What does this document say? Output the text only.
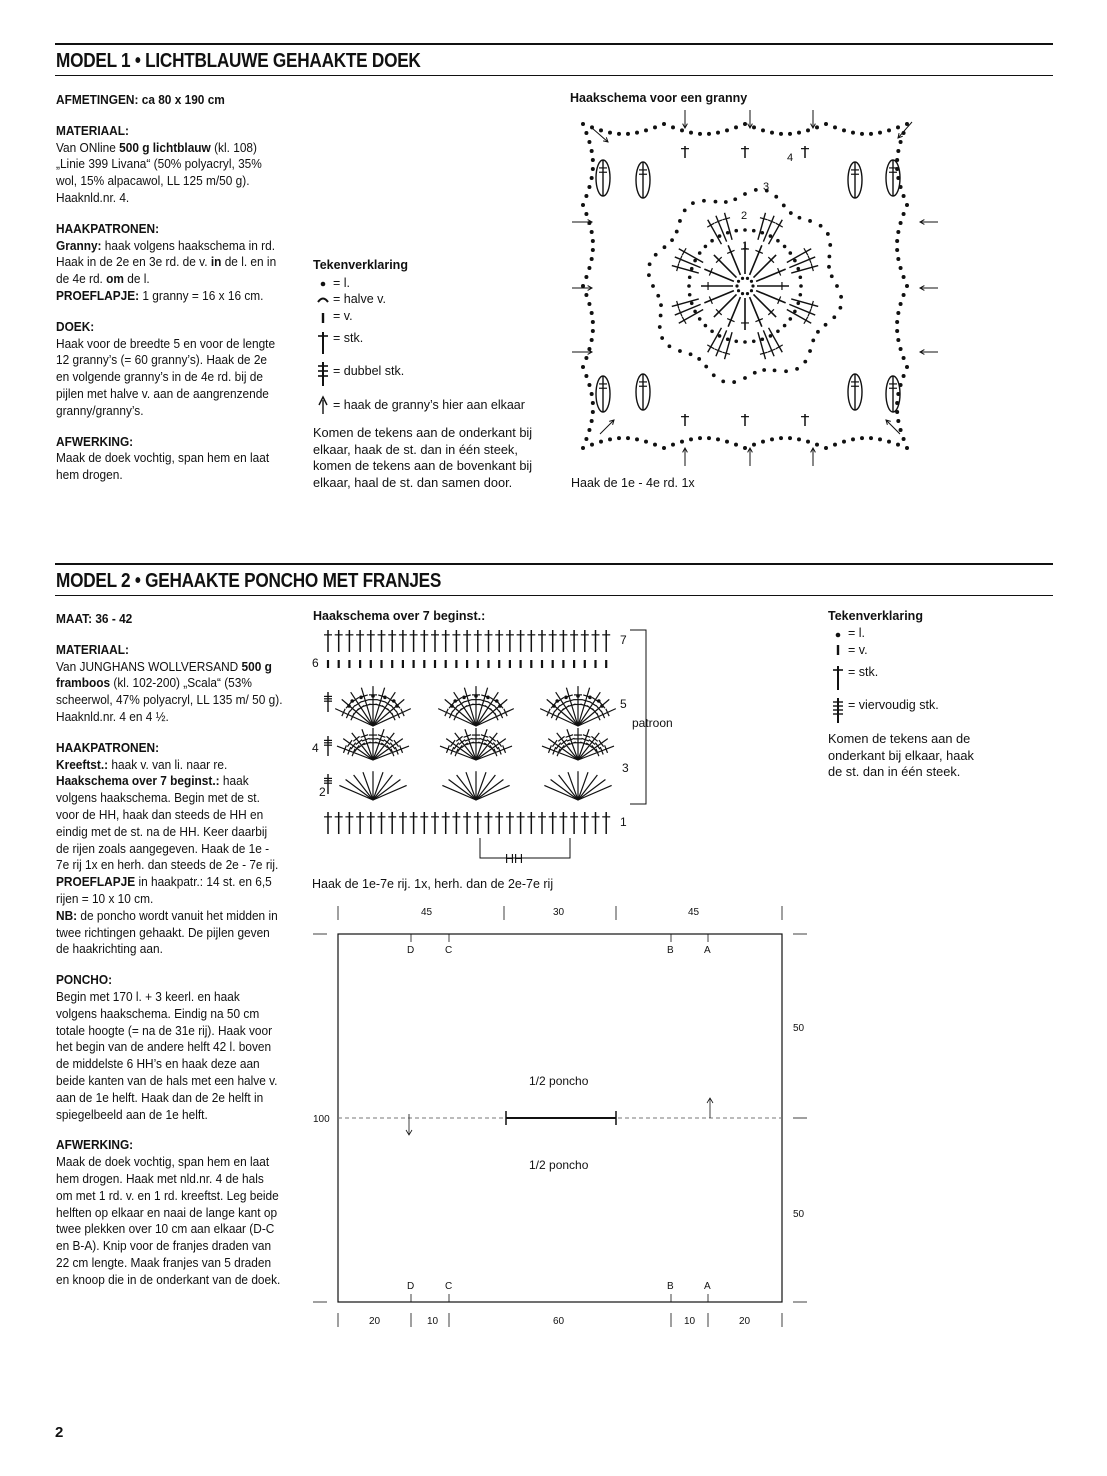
MODEL 1 • LICHTBLAUWE GEHAAKTE DOEK

AFMETINGEN: ca 80 x 190 cm

MATERIAAL:

Van ONline 500 g lichtblauw (kl. 108) „Linie 399 Livana“ (50% polyacryl, 35% wol, 15% alpacawol, LL 125 m/50 g). Haaknld.nr. 4.

HAAKPATRONEN:

Granny: haak volgens haakschema in rd. Haak in de 2e en 3e rd. de v. in de l. en in de 4e rd. om de l.

PROEFLAPJE: 1 granny = 16 x 16 cm.

DOEK:

Haak voor de breedte 5 en voor de lengte 12 granny’s (= 60 granny’s). Haak de 2e en volgende granny’s in de 4e rd. bij de pijlen met halve v. aan de aangrenzende granny/granny’s.

AFWERKING:

Maak de doek vochtig, span hem en laat hem drogen.

Tekenverklaring
= l.
= halve v.
= v.
= stk.
= dubbel stk.
= haak de granny’s hier aan elkaar
Komen de tekens aan de onderkant bij elkaar, haak de st. dan in één steek, komen de tekens aan de bovenkant bij elkaar, haal de st. dan samen door.
Haakschema voor een granny
Haak de 1e - 4e rd. 1x
1
2
3
4
MODEL 2 • GEHAAKTE PONCHO MET FRANJES

MAAT: 36 - 42

MATERIAAL:

Van JUNGHANS WOLLVERSAND 500 g framboos (kl. 102-200) „Scala“ (53% scheerwol, 47% polyacryl, LL 135 m/ 50 g). Haaknld.nr. 4 en 4 ½.

HAAKPATRONEN:

Kreeftst.: haak v. van li. naar re.

Haakschema over 7 beginst.: haak volgens haakschema. Begin met de st. voor de HH, haak dan steeds de HH en eindig met de st. na de HH. Keer daarbij de rijen zoals aangegeven. Haak de 1e - 7e rij 1x en herh. dan steeds de 2e - 7e rij.

PROEFLAPJE in haakpatr.: 14 st. en 6,5 rijen = 10 x 10 cm.

NB: de poncho wordt vanuit het midden in twee richtingen gehaakt. De pijlen geven de haakrichting aan.

PONCHO:

Begin met 170 l. + 3 keerl. en haak volgens haakschema. Eindig na 50 cm totale hoogte (= na de 31e rij). Haak voor het begin van de andere helft 42 l. boven de middelste 6 HH’s en haak deze aan beide kanten van de hals met een halve v. aan de 1e helft. Haak dan de 2e helft in spiegelbeeld aan de 1e helft.

AFWERKING:

Maak de doek vochtig, span hem en laat hem drogen. Haak met nld.nr. 4 de hals om met 1 rd. v. en 1 rd. kreeftst. Leg beide helften op elkaar en naai de lange kant op twee plekken over 10 cm aan elkaar (D-C en B-A). Knip voor de franjes draden van 22 cm lengte. Maak franjes van 5 draden en knoop die in de onderkant van de doek.

Haakschema over 7 beginst.:
7
6
5
patroon
4
3
2
1
HH
Haak de 1e-7e rij. 1x, herh. dan de 2e-7e rij
Tekenverklaring
= l.
= v.
= stk.
= viervoudig stk.
Komen de tekens aan de onderkant bij elkaar, haak de st. dan in één steek.
45	30	45
D	C	B	A
50
50
100
1/2 poncho
1/2 poncho
D	C	B	A
20	10	60	10	20
2
